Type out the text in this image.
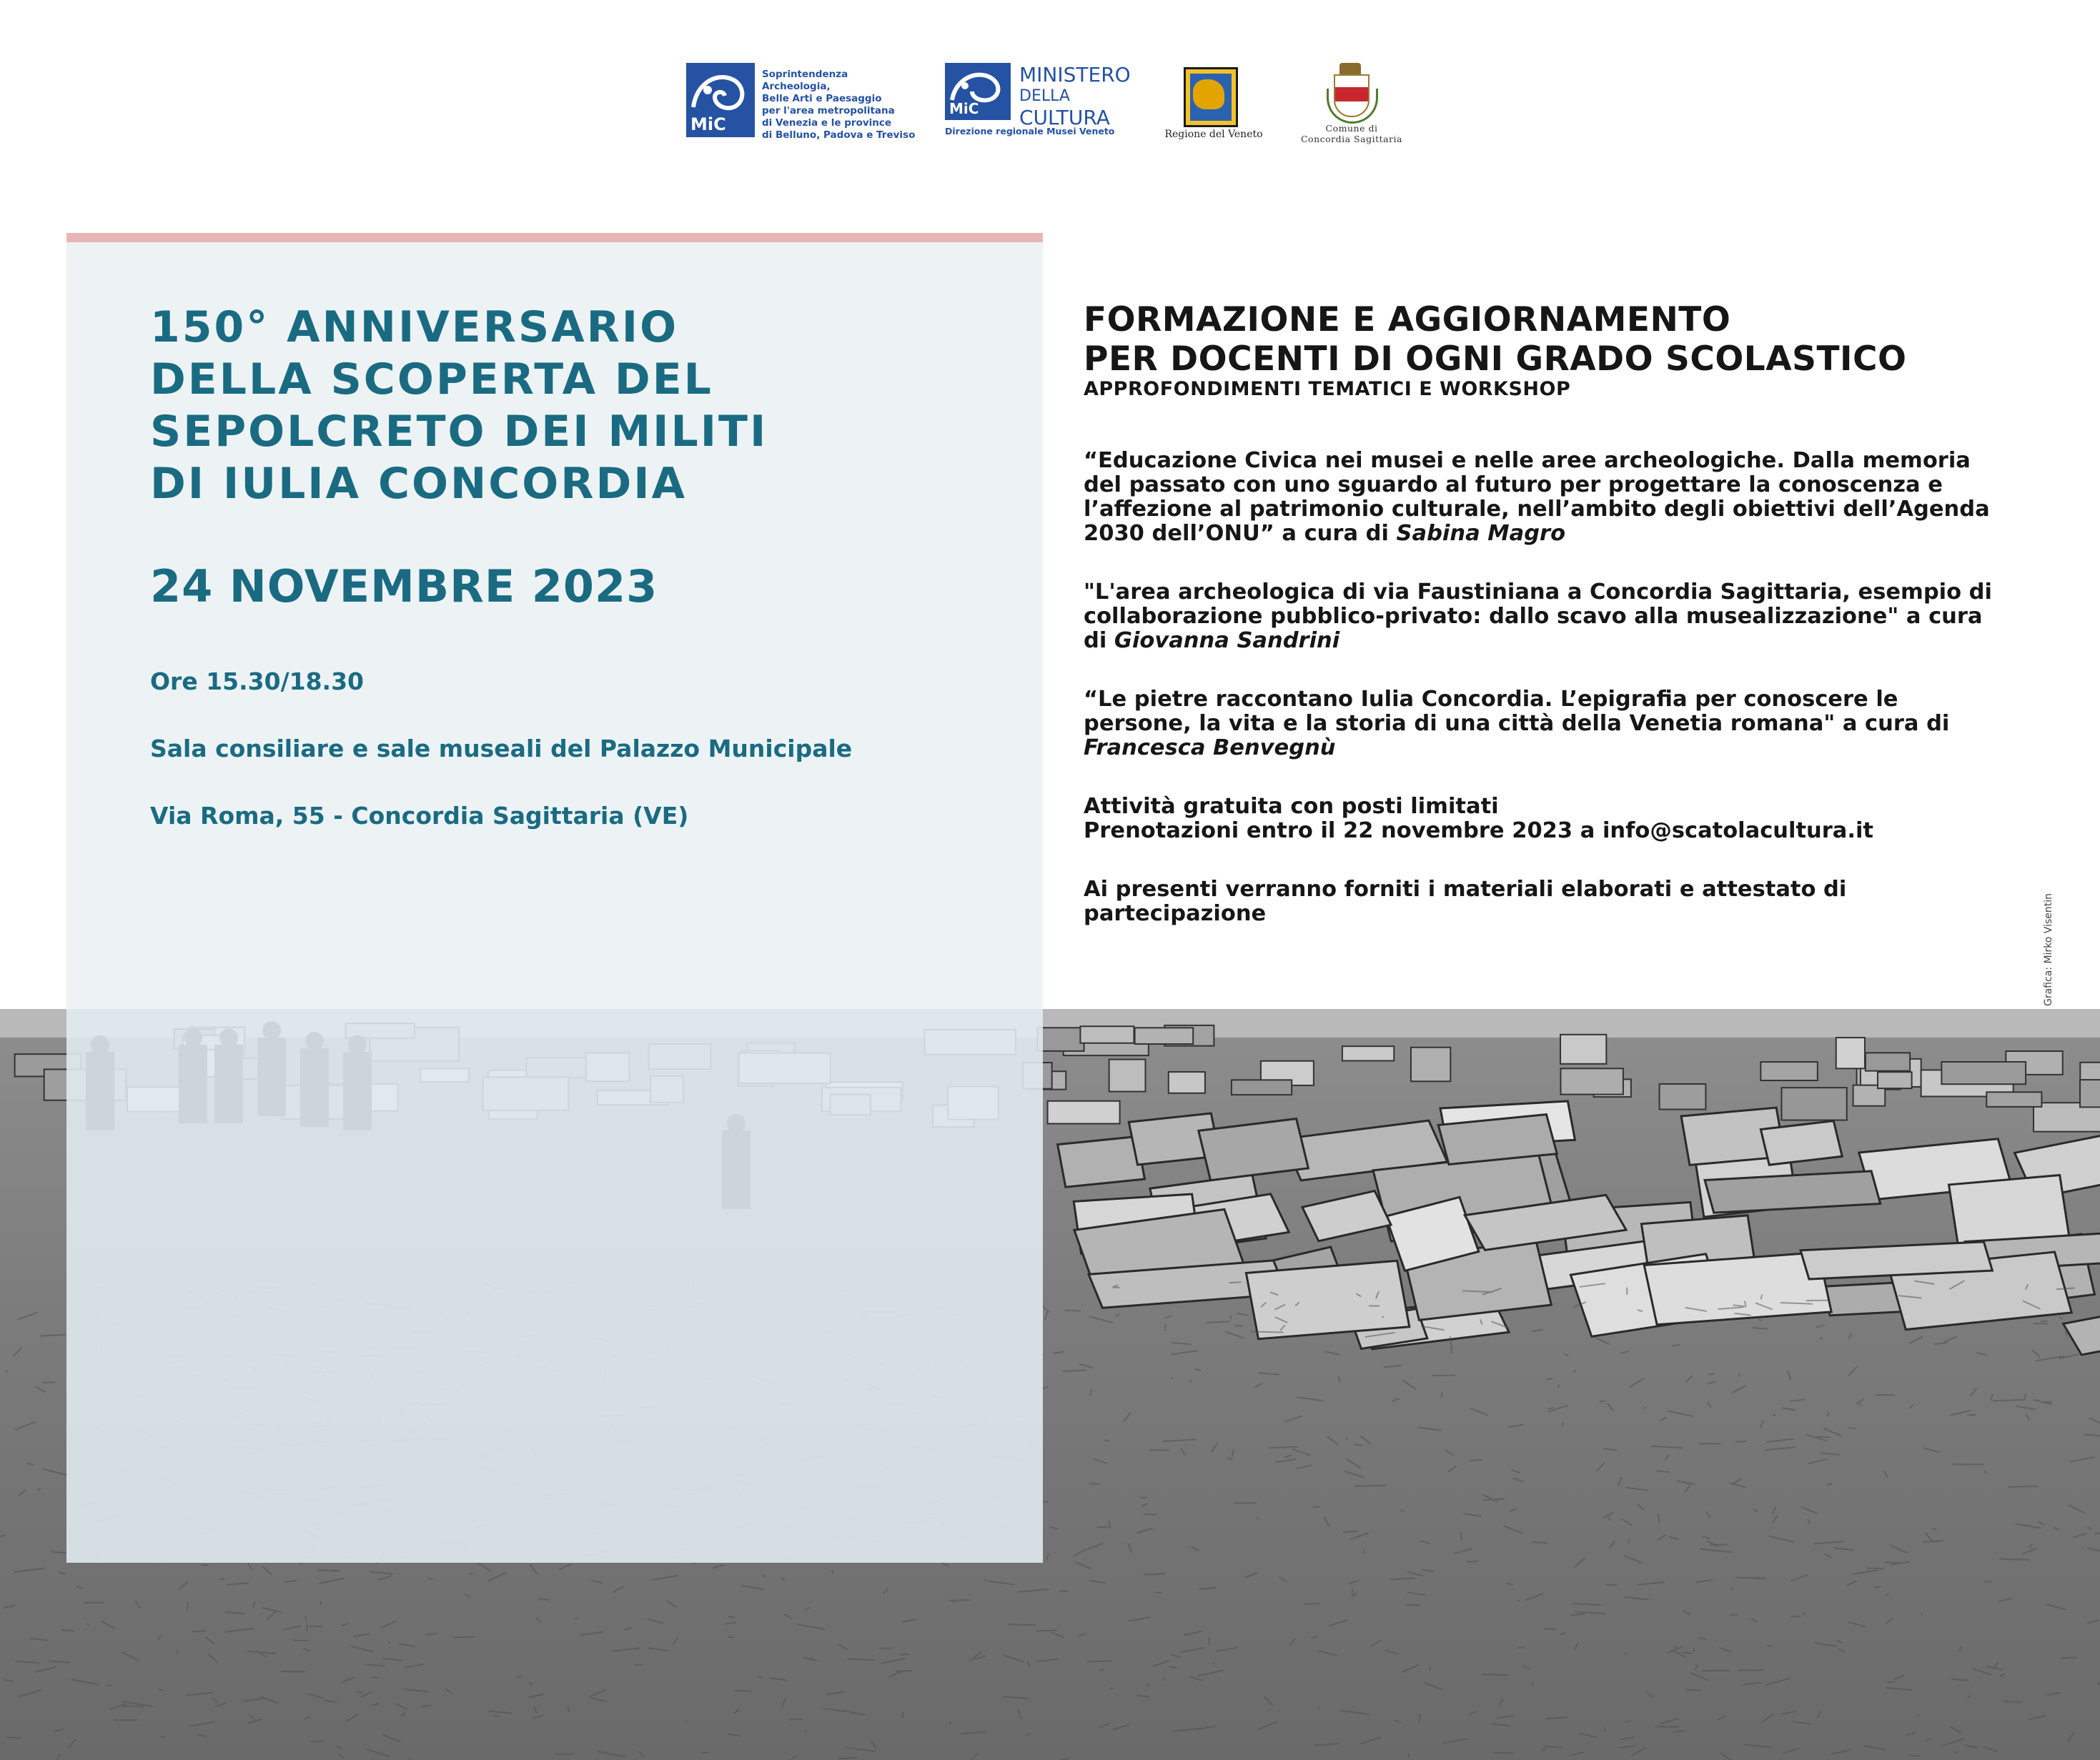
MiC
Soprintendenza Archeologia,
Belle Arti e Paesaggio
per l'area metropolitana
di Venezia e le province
di Belluno, Padova e Treviso
MiC
MINISTERO
DELLA
CULTURA
Direzione regionale Musei Veneto	Regione del Veneto
Comune di
Concordia Sagittaria
150° ANNIVERSARIO
DELLA SCOPERTA DEL
SEPOLCRETO DEI MILITI
DI IULIA CONCORDIA
24 NOVEMBRE 2023
Ore 15.30/18.30
Sala consiliare e sale museali del Palazzo Municipale
Via Roma, 55 - Concordia Sagittaria (VE)
FORMAZIONE E AGGIORNAMENTO
PER DOCENTI DI OGNI GRADO SCOLASTICO
APPROFONDIMENTI TEMATICI E WORKSHOP
“Educazione Civica nei musei e nelle aree archeologiche. Dalla memoria del passato con uno sguardo al futuro per progettare la conoscenza e l’affezione al patrimonio culturale, nell’ambito degli obiettivi dell’Agenda 2030 dell’ONU” a cura di Sabina Magro
"L'area archeologica di via Faustiniana a Concordia Sagittaria, esempio di collaborazione pubblico-privato: dallo scavo alla musealizzazione" a cura di Giovanna Sandrini
“Le pietre raccontano Iulia Concordia. L’epigrafia per conoscere le persone, la vita e la storia di una città della Venetia romana" a cura di Francesca Benvegnù
Attività gratuita con posti limitati
Prenotazioni entro il 22 novembre 2023 a info@scatolacultura.it
Ai presenti verranno forniti i materiali elaborati e attestato di partecipazione	Grafica: Mirko Visentin
